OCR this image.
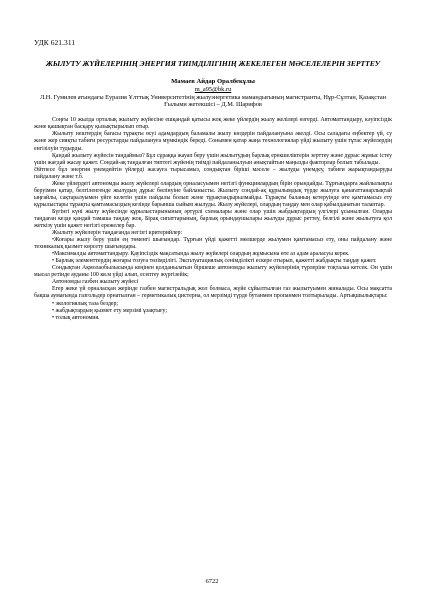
УДК 621.311
ЖЫЛУТУ ЖҮЙЕЛЕРІНІҢ ЭНЕРГИЯ ТИІМДІЛІГІНІҢ ЖЕКЕЛЕГЕН МӘСЕЛЕЛЕРІН ЗЕРТТЕУ
Мамаев Айдар Оралбекұлы
m_a95@bk.ru
Л.Н. Гумилев атындағы Еуразия Ұлттық Университетінің жылуэнергетика мамандығының магистранты, Нұр-Сұлтан, Қазақстан
Ғылыми жетекшісі – Д.М. Шарифов

Соңғы 10 жылда орталық жылыту жүйесіне ешқандай қатысы жоқ жеке үйлердің жылу желілері өзгерді. Автоматтандыру, кәуіпсіздік және қашықтан басқару қызықтырылып отыр.

Жылыту нештердің бағасы тұрақты өсуі адамдардың баламалы жылу көздерін пайдалануына әкелді. Осы саладағы еңбектер үй, су және жер сияқты табиғи ресурстарды пайдалануға мүмкіндік береді. Сонымен қатар жаңа технологиялар үйді жылыту үшін тұтас жүйелердің енгізілуін тудырды.

Қандай жылыту жүйесін таңдаймыз? Бұл сұраққа жауап беру үшін жылытудың барлық ерекшеліктерін зерттеу және дұрыс жұмыс істеу үшін жағдай жасау қажет. Сондай-ақ таңдалған типтегі жүйенің тиімді пайдаланылуын анықтайтын маңызды факторлар болып табылады.

Әйтпесе бұл энергия үнемдейтін үйлерді жасауға тырысамыз, сондықтан біріші мәселе – жылуды үнемдеу, табиғи жарықтандыруды пайдалану және т.б.

Жеке үйлердегі автономды жылу жүйелері олардың орналасуымен негізгі функциялардың бірін орындайды. Тұрғындарға жайлылықты беруімен қатар, белгіленгенде жылудың дұрыс бөлінуіне байланысты. Жылыту сондай-ақ құрылымдық түрде жылуға қанағаттанарлықтай ыңғайлы, сақтаралуымен үйге келетін үшін пайдалы болып және тұрақтандырылмайды. Тұрақты баланың кетеруінде өте қамтамасыз ету құрылыстары тұрақты қамтамасыздың кезінде барынша сыйым жылуды. Жылу жүйелері, олардың таңдау мен олар қабылданатын талаптар.

Бүгінгі күні жылу жүйесінде құрылыстарынының әртүрлі схемалары және олар үшін жабдықтардың үлгілері ұсынылған. Оларды таңдаған кезде қандай тамаша таңдау жоқ. Бірақ сипаттарының, барлық орындаушылары жылуды дұрыс реттеу, белгілі және жылытуға қол жеткізу үшін қажет негізгі ережелер бар.

Жылыту жүйелерін таңдағанда негізгі критерийлер:

•Жоғары жылу беру үшін ең төменгі шығындар. Тұрғын үйді қажетті мөлшерде жылумен қамтамасыз ету, оны пайдалану және техникалық қызмет көрсету шығындары.

•Максималды автоматтандыру. Қауіпсіздік мақсатында жылу жүйелері олардың жұмысына өте аз адам араласуы керек.

• Барлық элементтердің жоғары тозуға төзімділігі. Эксплуатациялық сенімділікті ескере отырып, қажетті жабдықты таңдау қажет.

Сондықтан Ақмолаобылысында кеңінен қолданылатын біршеше автономды жылыту жүйелерінің түрлеріне тоқталаа кетсек. Он үшін мысал ретінде ауданы 100 кв.м үйді алып, есептеу жүргізейік;

Автономды газбен жылыту жүйесі

Егер жеке үй орналасқан жерінде газбен магистральдық жол болмаса, жүйе сұйылтылған газ жылытуымен жиналады. Осы мақсатта бақша аумағында газгольдер орнатылған – герметикалық цистерна, ол мерзімді түрде бутанмен пропанмен толтырылады. Артықшылықтары:

• экологиялық таза бездер;

• жабдықтардың қызмет ету мерзімі ұзақтығу;

• толық автономия.

6722
